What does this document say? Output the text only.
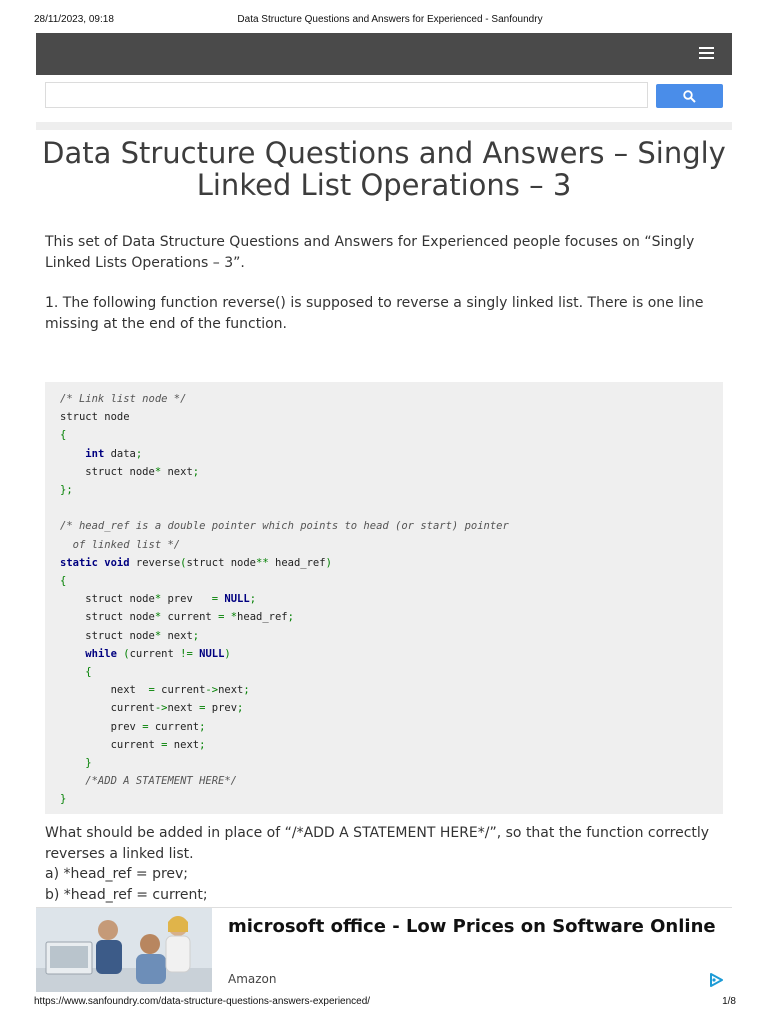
28/11/2023, 09:18	Data Structure Questions and Answers for Experienced - Sanfoundry
Data Structure Questions and Answers – Singly Linked List Operations – 3

This set of Data Structure Questions and Answers for Experienced people focuses on “Singly Linked Lists Operations – 3”.

1. The following function reverse() is supposed to reverse a singly linked list. There is one line missing at the end of the function.

/* Link list node */
struct node
{
int data;
struct node* next;
};

/* head_ref is a double pointer which points to head (or start) pointer
of linked list */
static void reverse(struct node** head_ref)
{
struct node* prev   = NULL;
struct node* current = *head_ref;
struct node* next;
while (current != NULL)
{
next  = current->next;
current->next = prev;
prev = current;
current = next;
}
/*ADD A STATEMENT HERE*/
}

What should be added in place of “/*ADD A STATEMENT HERE*/”, so that the function correctly reverses a linked list.

a) *head_ref = prev;

b) *head_ref = current;

microsoft office - Low Prices on Software Online
Amazon
https://www.sanfoundry.com/data-structure-questions-answers-experienced/	1/8
